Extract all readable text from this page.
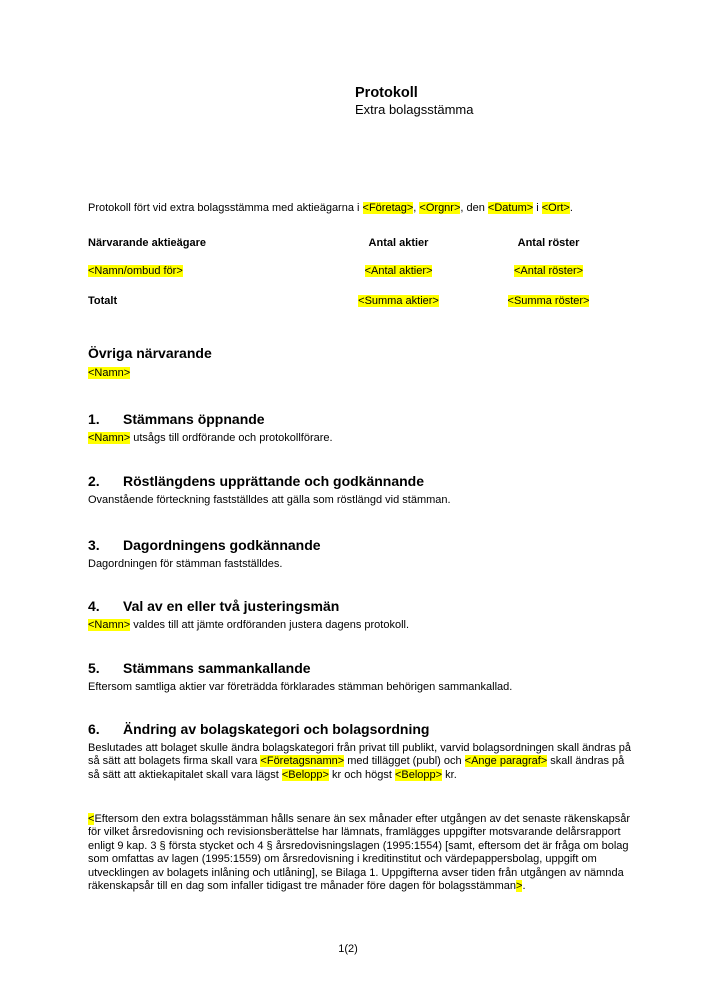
Protokoll
Extra bolagsstämma
Protokoll fört vid extra bolagsstämma med aktieägarna i <Företag>, <Orgnr>, den <Datum> i <Ort>.
Närvarande aktieägare	Antal aktier	Antal röster
<Namn/ombud för>	<Antal aktier>	<Antal röster>
Totalt	<Summa aktier>	<Summa röster>
Övriga närvarande
<Namn>
1.	Stämmans öppnande
<Namn> utsågs till ordförande och protokollförare.
2.	Röstlängdens upprättande och godkännande
Ovanstående förteckning fastställdes att gälla som röstlängd vid stämman.
3.	Dagordningens godkännande
Dagordningen för stämman fastställdes.
4.	Val av en eller två justeringsmän
<Namn> valdes till att jämte ordföranden justera dagens protokoll.
5.	Stämmans sammankallande
Eftersom samtliga aktier var företrädda förklarades stämman behörigen sammankallad.
6.	Ändring av bolagskategori och bolagsordning
Beslutades att bolaget skulle ändra bolagskategori från privat till publikt, varvid bolagsordningen skall ändras på så sätt att bolagets firma skall vara <Företagsnamn> med tillägget (publ) och <Ange paragraf> skall ändras på så sätt att aktiekapitalet skall vara lägst <Belopp> kr och högst <Belopp> kr.
<Eftersom den extra bolagsstämman hålls senare än sex månader efter utgången av det senaste räkenskapsår för vilket årsredovisning och revisionsberättelse har lämnats, framlägges uppgifter motsvarande delårsrapport enligt 9 kap. 3 § första stycket och 4 § årsredovisningslagen (1995:1554) [samt, eftersom det är fråga om bolag som omfattas av lagen (1995:1559) om årsredovisning i kreditinstitut och värdepappersbolag, uppgift om utvecklingen av bolagets inlåning och utlåning], se Bilaga 1. Uppgifterna avser tiden från utgången av nämnda räkenskapsår till en dag som infaller tidigast tre månader före dagen för bolagsstämman>.
1(2)
